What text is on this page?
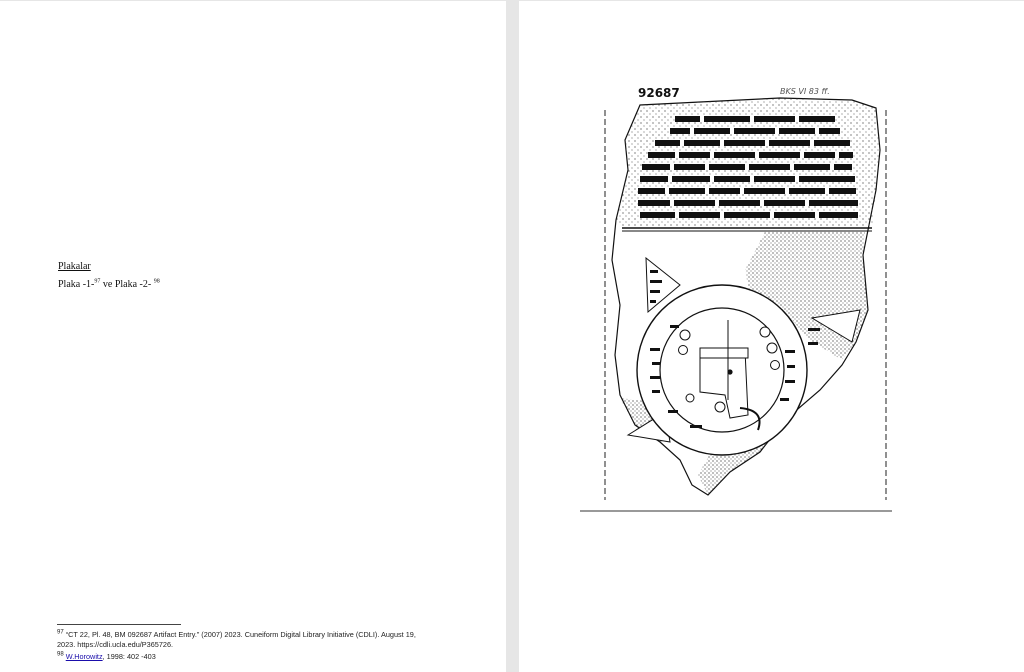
Plakalar
Plaka -1-$^{97}$ ve Plaka -2- $^{98}$
$^{97}$ “CT 22, Pl. 48, BM 092687 Artifact Entry.” (2007) 2023. Cuneiform Digital Library Initiative (CDLI). August 19,
2023. https://cdli.ucla.edu/P365726.
$^{98}$ W.Horowitz, 1998: 402 -403
92687	BKS VI 83 ff.
